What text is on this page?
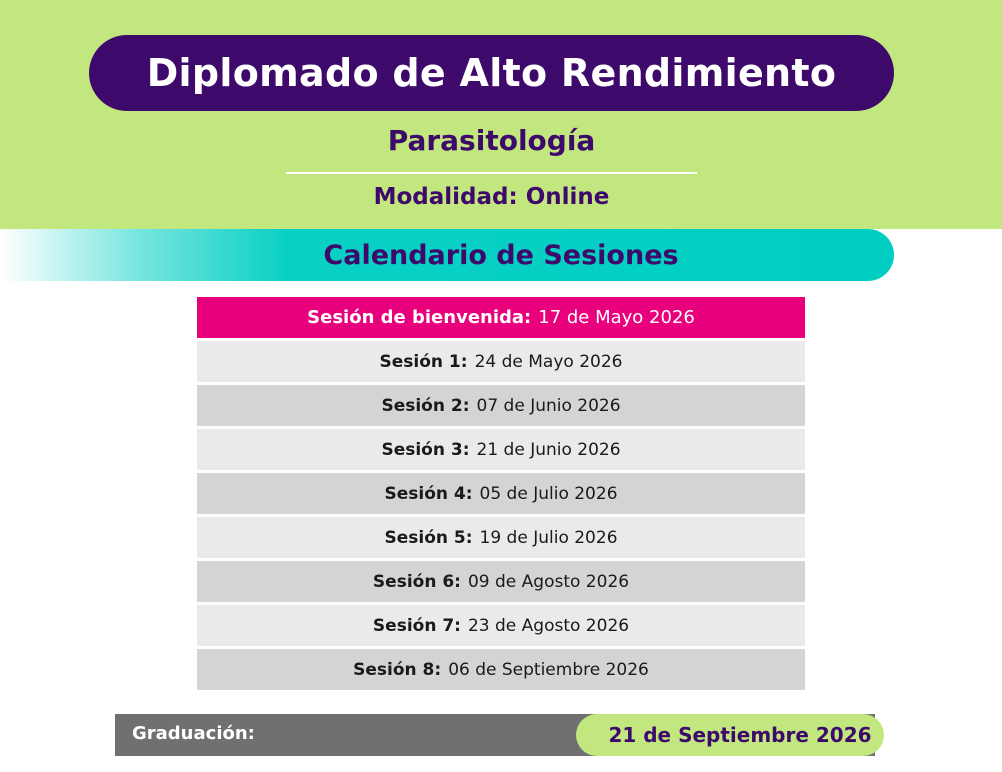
Diplomado de Alto Rendimiento
Parasitología
Modalidad: Online
Calendario de Sesiones
Sesión de bienvenida: 17 de Mayo 2026
Sesión 1: 24 de Mayo 2026
Sesión 2: 07 de Junio 2026
Sesión 3: 21 de Junio 2026
Sesión 4: 05 de Julio 2026
Sesión 5: 19 de Julio 2026
Sesión 6: 09 de Agosto 2026
Sesión 7: 23 de Agosto 2026
Sesión 8: 06 de Septiembre 2026
Graduación:	21 de Septiembre 2026
